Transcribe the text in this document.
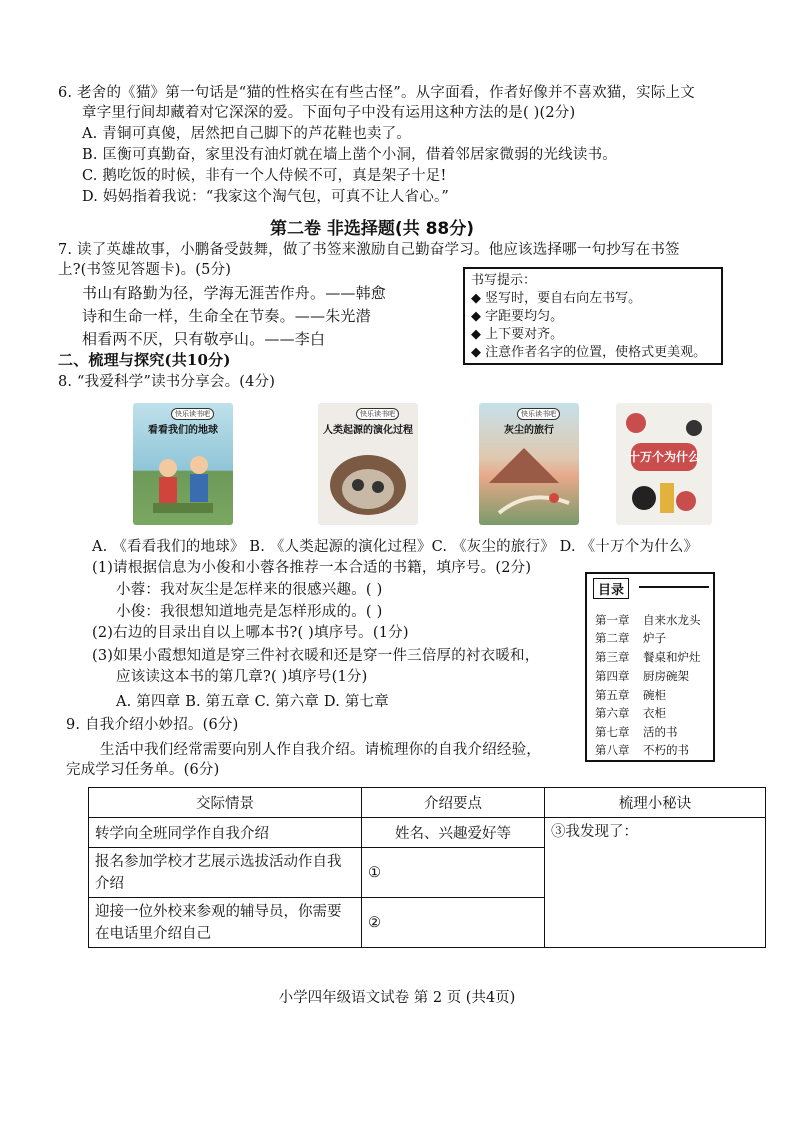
6. 老舍的《猫》第一句话是“猫的性格实在有些古怪”。从字面看，作者好像并不喜欢猫，实际上文
章字里行间却藏着对它深深的爱。下面句子中没有运用这种方法的是( )(2分)
A. 青铜可真傻，居然把自己脚下的芦花鞋也卖了。
B. 匡衡可真勤奋，家里没有油灯就在墙上凿个小洞，借着邻居家微弱的光线读书。
C. 鹅吃饭的时候，非有一个人侍候不可，真是架子十足!
D. 妈妈指着我说：“我家这个淘气包，可真不让人省心。”
第二卷 非选择题(共 88分)
7. 读了英雄故事，小鹏备受鼓舞，做了书签来激励自己勤奋学习。他应该选择哪一句抄写在书签
上?(书签见答题卡)。(5分)
书山有路勤为径，学海无涯苦作舟。——韩愈
诗和生命一样，生命全在节奏。——朱光潜
相看两不厌，只有敬亭山。——李白
书写提示：
◆ 竖写时，要自右向左书写。
◆ 字距要均匀。
◆ 上下要对齐。
◆ 注意作者名字的位置，使格式更美观。
二、梳理与探究(共10分)
8. “我爱科学”读书分享会。(4分)
快乐读书吧
看看我们的地球
快乐读书吧
人类起源的演化过程
快乐读书吧
灰尘的旅行
十万个为什么
A. 《看看我们的地球》 B. 《人类起源的演化过程》C. 《灰尘的旅行》 D. 《十万个为什么》
(1)请根据信息为小俊和小蓉各推荐一本合适的书籍，填序号。(2分)
小蓉：我对灰尘是怎样来的很感兴趣。( )
小俊：我很想知道地壳是怎样形成的。( )
(2)右边的目录出自以上哪本书?( )填序号。(1分)
(3)如果小霞想知道是穿三件衬衣暖和还是穿一件三倍厚的衬衣暖和，
应该读这本书的第几章?( )填序号(1分)
A. 第四章 B. 第五章 C. 第六章 D. 第七章
目录
第一章 自来水龙头
第二章 炉子
第三章 餐桌和炉灶
第四章 厨房碗架
第五章 碗柜
第六章 衣柜
第七章 活的书
第八章 不朽的书
9. 自我介绍小妙招。(6分)
生活中我们经常需要向别人作自我介绍。请梳理你的自我介绍经验，
完成学习任务单。(6分)
交际情景	介绍要点	梳理小秘诀
转学向全班同学作自我介绍	姓名、兴趣爱好等	③我发现了：
报名参加学校才艺展示选拔活动作自我介绍	①	
迎接一位外校来参观的辅导员，你需要在电话里介绍自己	②	
小学四年级语文试卷 第 2 页 (共4页)
